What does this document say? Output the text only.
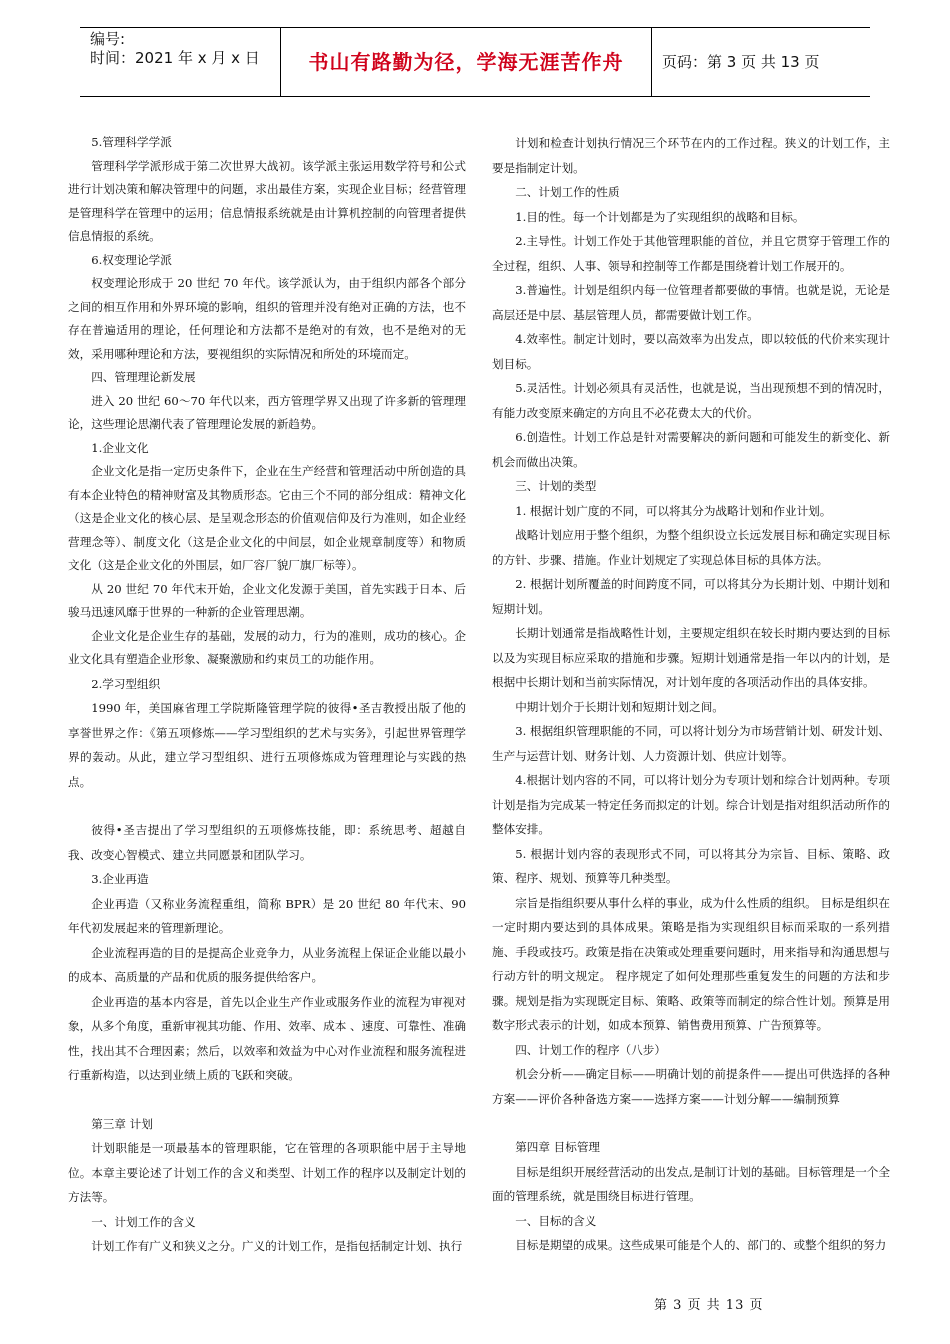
编号:
时间：2021 年 x 月 x 日	书山有路勤为径，学海无涯苦作舟	页码：第 3 页 共 13 页

5.管理科学学派

管理科学学派形成于第二次世界大战初。该学派主张运用数学符号和公式进行计划决策和解决管理中的问题，求出最佳方案，实现企业目标；经营管理是管理科学在管理中的运用；信息情报系统就是由计算机控制的向管理者提供信息情报的系统。

6.权变理论学派

权变理论形成于 20 世纪 70 年代。该学派认为，由于组织内部各个部分之间的相互作用和外界环境的影响，组织的管理并没有绝对正确的方法，也不存在普遍适用的理论，任何理论和方法都不是绝对的有效，也不是绝对的无效，采用哪种理论和方法，要视组织的实际情况和所处的环境而定。

四、管理理论新发展

进入 20 世纪 60～70 年代以来，西方管理学界又出现了许多新的管理理论，这些理论思潮代表了管理理论发展的新趋势。

1.企业文化

企业文化是指一定历史条件下，企业在生产经营和管理活动中所创造的具有本企业特色的精神财富及其物质形态。它由三个不同的部分组成：精神文化（这是企业文化的核心层、是呈观念形态的价值观信仰及行为准则，如企业经营理念等）、制度文化（这是企业文化的中间层，如企业规章制度等）和物质文化（这是企业文化的外围层，如厂容厂貌厂旗厂标等）。

从 20 世纪 70 年代末开始，企业文化发源于美国，首先实践于日本、后骏马迅速风靡于世界的一种新的企业管理思潮。

企业文化是企业生存的基础，发展的动力，行为的准则，成功的核心。企业文化具有塑造企业形象、凝聚激励和约束员工的功能作用。

2.学习型组织

1990 年，美国麻省理工学院斯隆管理学院的彼得•圣吉教授出版了他的享誉世界之作：《第五项修炼——学习型组织的艺术与实务》，引起世界管理学界的轰动。从此，建立学习型组织、进行五项修炼成为管理理论与实践的热点。

彼得•圣吉提出了学习型组织的五项修炼技能，即：系统思考、超越自我、改变心智模式、建立共同愿景和团队学习。

3.企业再造

企业再造（又称业务流程重组，简称 BPR）是 20 世纪 80 年代末、90 年代初发展起来的管理新理论。

企业流程再造的目的是提高企业竞争力，从业务流程上保证企业能以最小的成本、高质量的产品和优质的服务提供给客户。

企业再造的基本内容是，首先以企业生产作业或服务作业的流程为审视对象，从多个角度，重新审视其功能、作用、效率、成本 、速度、可靠性、准确性，找出其不合理因素；然后，以效率和效益为中心对作业流程和服务流程进行重新构造，以达到业绩上质的飞跃和突破。

第三章 计划

计划职能是一项最基本的管理职能，它在管理的各项职能中居于主导地位。本章主要论述了计划工作的含义和类型、计划工作的程序以及制定计划的方法等。

一、计划工作的含义

计划工作有广义和狭义之分。广义的计划工作，是指包括制定计划、执行

计划和检查计划执行情况三个环节在内的工作过程。狭义的计划工作，主要是指制定计划。

二、计划工作的性质

1.目的性。每一个计划都是为了实现组织的战略和目标。

2.主导性。计划工作处于其他管理职能的首位，并且它贯穿于管理工作的全过程，组织、人事、领导和控制等工作都是围绕着计划工作展开的。

3.普遍性。计划是组织内每一位管理者都要做的事情。也就是说，无论是高层还是中层、基层管理人员，都需要做计划工作。

4.效率性。制定计划时，要以高效率为出发点，即以较低的代价来实现计划目标。

5.灵活性。计划必须具有灵活性，也就是说，当出现预想不到的情况时，有能力改变原来确定的方向且不必花费太大的代价。

6.创造性。计划工作总是针对需要解决的新问题和可能发生的新变化、新机会而做出决策。

三、计划的类型

1. 根据计划广度的不同，可以将其分为战略计划和作业计划。

战略计划应用于整个组织，为整个组织设立长远发展目标和确定实现目标的方针、步骤、措施。作业计划规定了实现总体目标的具体方法。

2. 根据计划所覆盖的时间跨度不同，可以将其分为长期计划、中期计划和短期计划。

长期计划通常是指战略性计划，主要规定组织在较长时期内要达到的目标以及为实现目标应采取的措施和步骤。短期计划通常是指一年以内的计划，是根据中长期计划和当前实际情况，对计划年度的各项活动作出的具体安排。

中期计划介于长期计划和短期计划之间。

3. 根据组织管理职能的不同，可以将计划分为市场营销计划、研发计划、生产与运营计划、财务计划、人力资源计划、供应计划等。

4.根据计划内容的不同，可以将计划分为专项计划和综合计划两种。专项计划是指为完成某一特定任务而拟定的计划。综合计划是指对组织活动所作的整体安排。

5. 根据计划内容的表现形式不同，可以将其分为宗旨、目标、策略、政策、程序、规划、预算等几种类型。

宗旨是指组织要从事什么样的事业，成为什么性质的组织。 目标是组织在一定时期内要达到的具体成果。策略是指为实现组织目标而采取的一系列措施、手段或技巧。政策是指在决策或处理重要问题时，用来指导和沟通思想与行动方针的明文规定。 程序规定了如何处理那些重复发生的问题的方法和步骤。规划是指为实现既定目标、策略、政策等而制定的综合性计划。预算是用数字形式表示的计划，如成本预算、销售费用预算、广告预算等。

四、计划工作的程序（八步）

机会分析——确定目标——明确计划的前提条件——提出可供选择的各种方案——评价各种备选方案——选择方案——计划分解——编制预算

第四章 目标管理

目标是组织开展经营活动的出发点,是制订计划的基础。目标管理是一个全面的管理系统，就是围绕目标进行管理。

一、目标的含义

目标是期望的成果。这些成果可能是个人的、部门的、或整个组织的努力

第 3 页 共 13 页
